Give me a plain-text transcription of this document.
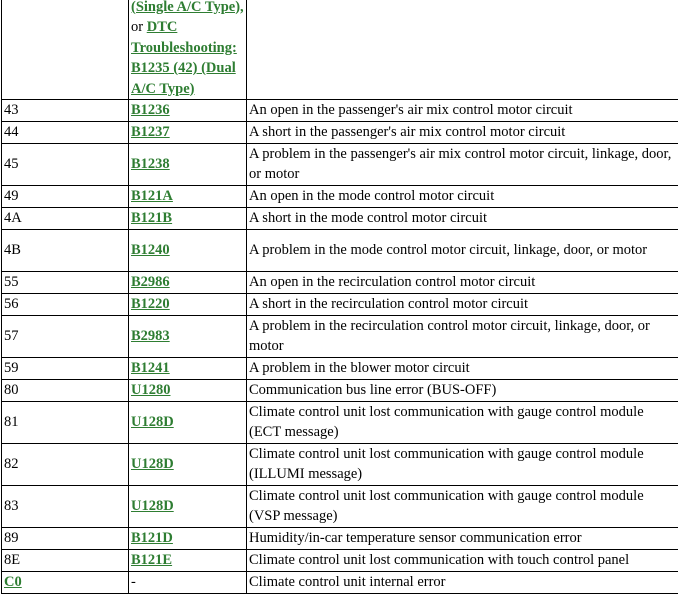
	(Single A/C Type), or DTC Troubleshooting: B1235 (42) (Dual A/C Type)	
43	B1236	An open in the passenger's air mix control motor circuit
44	B1237	A short in the passenger's air mix control motor circuit
45	B1238	A problem in the passenger's air mix control motor circuit, linkage, door, or motor
49	B121A	An open in the mode control motor circuit
4A	B121B	A short in the mode control motor circuit
4B	B1240	A problem in the mode control motor circuit, linkage, door, or motor
55	B2986	An open in the recirculation control motor circuit
56	B1220	A short in the recirculation control motor circuit
57	B2983	A problem in the recirculation control motor circuit, linkage, door, or motor
59	B1241	A problem in the blower motor circuit
80	U1280	Communication bus line error (BUS-OFF)
81	U128D	Climate control unit lost communication with gauge control module (ECT message)
82	U128D	Climate control unit lost communication with gauge control module (ILLUMI message)
83	U128D	Climate control unit lost communication with gauge control module (VSP message)
89	B121D	Humidity/in-car temperature sensor communication error
8E	B121E	Climate control unit lost communication with touch control panel
C0	-	Climate control unit internal error
